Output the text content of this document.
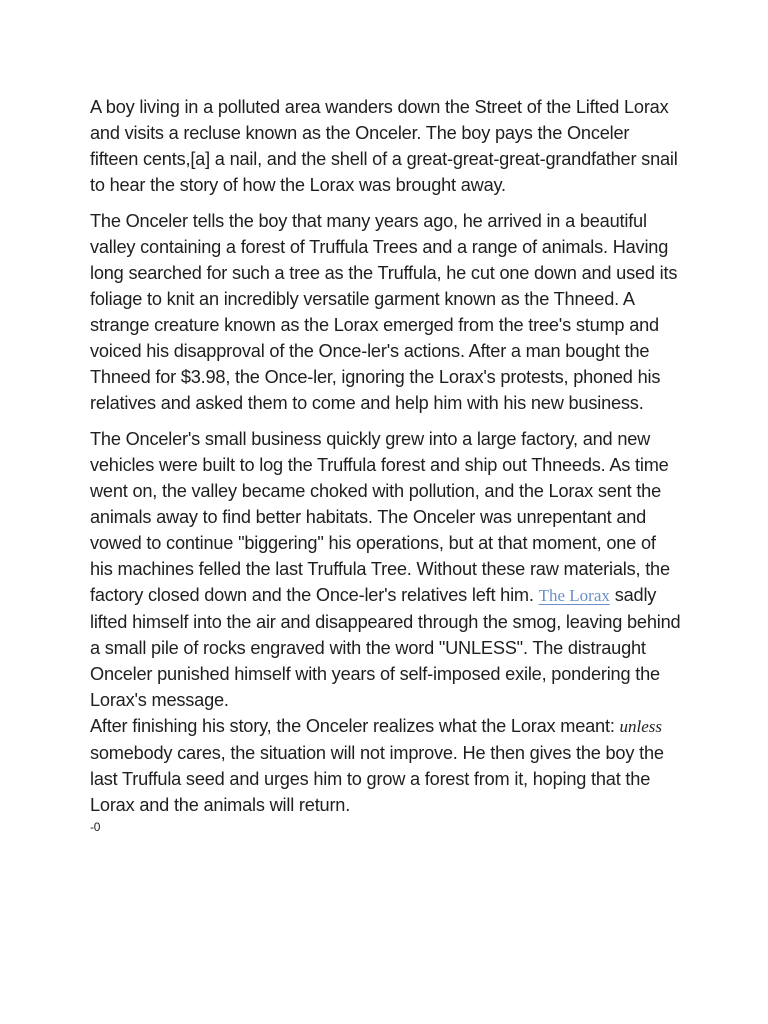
A boy living in a polluted area wanders down the Street of the Lifted Lorax and visits a recluse known as the Onceler. The boy pays the Onceler fifteen cents,[a] a nail, and the shell of a great-great-great-grandfather snail to hear the story of how the Lorax was brought away.

The Onceler tells the boy that many years ago, he arrived in a beautiful valley containing a forest of Truffula Trees and a range of animals. Having long searched for such a tree as the Truffula, he cut one down and used its foliage to knit an incredibly versatile garment known as the Thneed. A strange creature known as the Lorax emerged from the tree's stump and voiced his disapproval of the Once-ler's actions. After a man bought the Thneed for $3.98, the Once-ler, ignoring the Lorax's protests, phoned his relatives and asked them to come and help him with his new business.

The Onceler's small business quickly grew into a large factory, and new vehicles were built to log the Truffula forest and ship out Thneeds. As time went on, the valley became choked with pollution, and the Lorax sent the animals away to find better habitats. The Onceler was unrepentant and vowed to continue "biggering" his operations, but at that moment, one of his machines felled the last Truffula Tree. Without these raw materials, the factory closed down and the Once-ler's relatives left him. The Lorax sadly lifted himself into the air and disappeared through the smog, leaving behind a small pile of rocks engraved with the word "UNLESS". The distraught Onceler punished himself with years of self-imposed exile, pondering the Lorax's message.

After finishing his story, the Onceler realizes what the Lorax meant: unless somebody cares, the situation will not improve. He then gives the boy the last Truffula seed and urges him to grow a forest from it, hoping that the Lorax and the animals will return.

-0
